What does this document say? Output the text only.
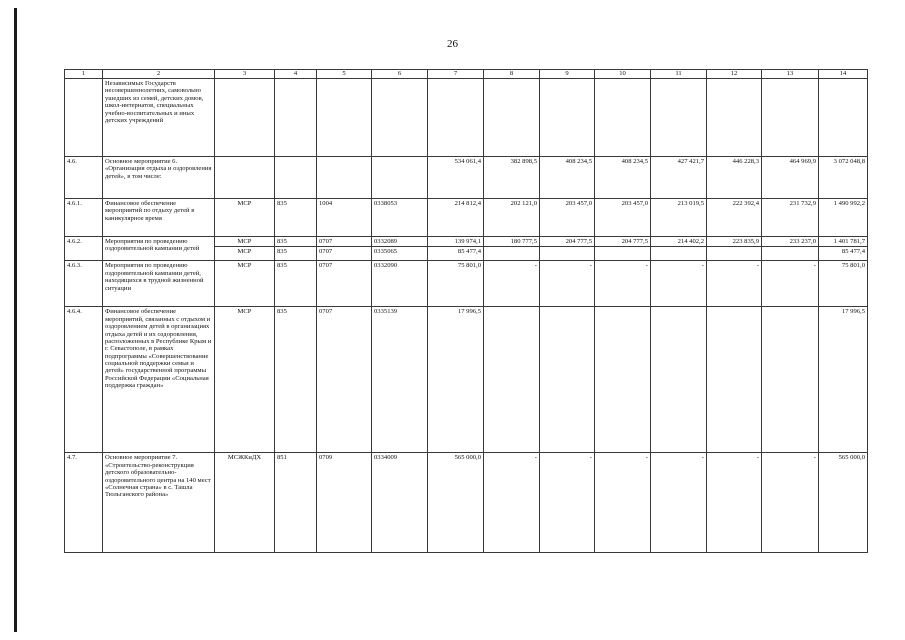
26
1	2	3	4	5	6	7	8	9	10	11	12	13	14
	Независимых Государств несовершеннолетних, самовольно ушедших из семей, детских домов, школ-интернатов, специальных учебно-воспитательных и иных детских учреждений												
4.6.	Основное мероприятие 6. «Организация отдыха и оздоровления детей», в том числе:					534 061,4	382 898,5	408 234,5	408 234,5	427 421,7	446 228,3	464 969,9	3 072 048,8
4.6.1.	Финансовое обеспечение мероприятий по отдыху детей в каникулярное время	МСР	835	1004	0338053	214 812,4	202 121,0	203 457,0	203 457,0	213 019,5	222 392,4	231 732,9	1 490 992,2
4.6.2.	Мероприятия по проведению оздоровительной кампании детей	МСР	835	0707	0332089	139 974,1	180 777,5	204 777,5	204 777,5	214 402,2	223 835,9	233 237,0	1 401 781,7
		МСР	835	0707	0335065	85 477,4							85 477,4
4.6.3.	Мероприятия по проведению оздоровительной кампании детей, находящихся в трудной жизненной ситуации	МСР	835	0707	0332090	75 801,0	-	-	-	-	-	-	75 801,0
4.6.4.	Финансовое обеспечение мероприятий, связанных с отдыхом и оздоровлением детей в организациях отдыха детей и их оздоровления, расположенных в Республике Крым и г. Севастополе, в рамках подпрограммы «Совершенствование социальной поддержки семьи и детей» государственной программы Российской Федерации «Социальная поддержка граждан»	МСР	835	0707	0335139	17 996,5							17 996,5
4.7.	Основное мероприятие 7. «Строительство-реконструкция детского образовательно-оздоровительного центра на 140 мест «Солнечная страна» в с. Ташла Тюльганского района»	МСЖКиДХ	851	0709	0334009	565 000,0	-	-	-	-	-	-	565 000,0
